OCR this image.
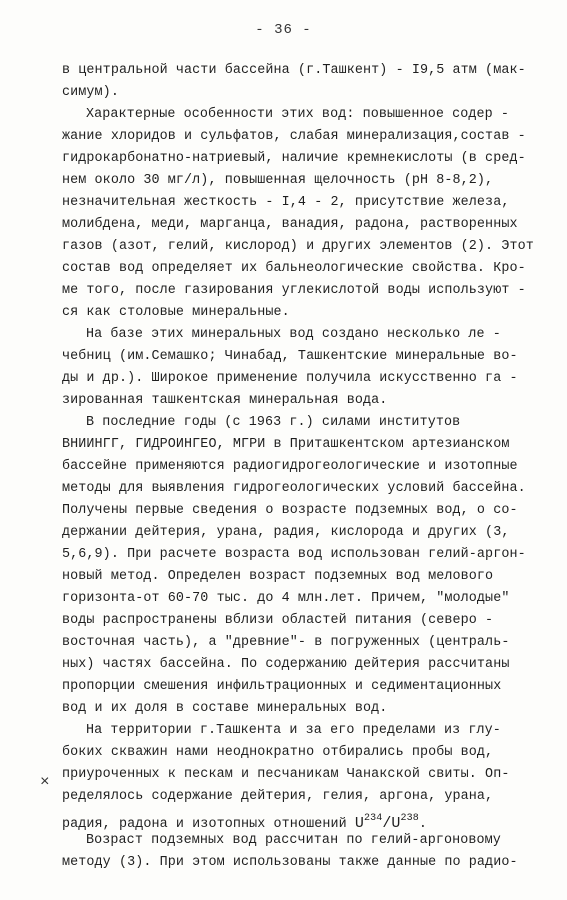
- 36 -
в центральной части бассейна (г.Ташкент) - I9,5 атм (мак-
симум).
Характерные особенности этих вод: повышенное содер -
жание хлоридов и сульфатов, слабая минерализация,состав -
гидрокарбонатно-натриевый, наличие кремнекислоты (в сред-
нем около 30 мг/л), повышенная щелочность (рН 8-8,2),
незначительная жесткость - I,4 - 2, присутствие железа,
молибдена, меди, марганца, ванадия, радона, растворенных
газов (азот, гелий, кислород) и других элементов (2). Этот
состав вод определяет их бальнеологические свойства. Кро-
ме того, после газирования углекислотой воды используют -
ся как столовые минеральные.
На базе этих минеральных вод создано несколько ле -
чебниц (им.Семашко; Чинабад, Ташкентские минеральные во-
ды и др.). Широкое применение получила искусственно га -
зированная ташкентская минеральная вода.
В последние годы (с 1963 г.) силами институтов
ВНИИНГГ, ГИДРОИНГЕО, МГРИ в Приташкентском артезианском
бассейне применяются радиогидрогеологические и изотопные
методы для выявления гидрогеологических условий бассейна.
Получены первые сведения о возрасте подземных вод, о со-
держании дейтерия, урана, радия, кислорода и других (3,
5,6,9). При расчете возраста вод использован гелий-аргон-
новый метод. Определен возраст подземных вод мелового
горизонта-от 60-70 тыс. до 4 млн.лет. Причем, "молодые"
воды распространены вблизи областей питания (северо -
восточная часть), а "древние"- в погруженных (централь-
ных) частях бассейна. По содержанию дейтерия рассчитаны
пропорции смешения инфильтрационных и седиментационных
вод и их доля в составе минеральных вод.
На территории г.Ташкента и за его пределами из глу-
боких скважин нами неоднократно отбирались пробы вод,
приуроченных к пескам и песчаникам Чанакской свиты. Оп-
ределялось содержание дейтерия, гелия, аргона, урана,
радия, радона и изотопных отношений $U^{234}/U^{238}$.
Возраст подземных вод рассчитан по гелий-аргоновому
методу (3). При этом использованы также данные по радио-
×
